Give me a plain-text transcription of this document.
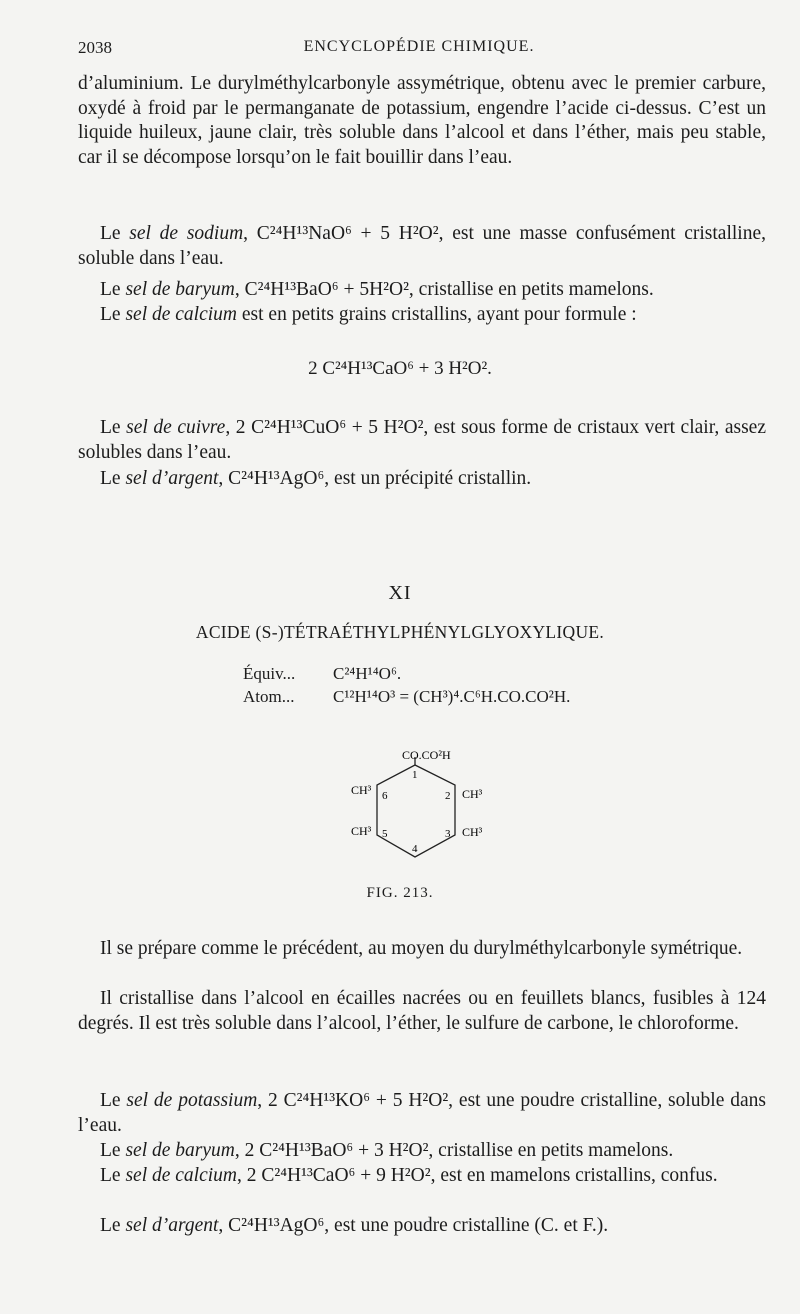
2038	ENCYCLOPÉDIE CHIMIQUE.
d’aluminium. Le durylméthylcarbonyle assymétrique, obtenu avec le premier carbure, oxydé à froid par le permanganate de potassium, engendre l’acide ci-dessus. C’est un liquide huileux, jaune clair, très soluble dans l’alcool et dans l’éther, mais peu stable, car il se décompose lorsqu’on le fait bouillir dans l’eau.
Le sel de sodium, C²⁴H¹³NaO⁶ + 5 H²O², est une masse confusément cristalline, soluble dans l’eau.
Le sel de baryum, C²⁴H¹³BaO⁶ + 5H²O², cristallise en petits mamelons.
Le sel de calcium est en petits grains cristallins, ayant pour formule :
2 C²⁴H¹³CaO⁶ + 3 H²O².
Le sel de cuivre, 2 C²⁴H¹³CuO⁶ + 5 H²O², est sous forme de cristaux vert clair, assez solubles dans l’eau.
Le sel d’argent, C²⁴H¹³AgO⁶, est un précipité cristallin.
XI
ACIDE (S-)TÉTRAÉTHYLPHÉNYLGLYOXYLIQUE.
Équiv... C²⁴H¹⁴O⁶.
Atom... C¹²H¹⁴O³ = (CH³)⁴.C⁶H.CO.CO²H.
CO.CO²H
CH³	CH³
CH³	CH³
1
2
3
4
5
6
FIG. 213.
Il se prépare comme le précédent, au moyen du durylméthylcarbonyle symétrique.
Il cristallise dans l’alcool en écailles nacrées ou en feuillets blancs, fusibles à 124 degrés. Il est très soluble dans l’alcool, l’éther, le sulfure de carbone, le chloroforme.
Le sel de potassium, 2 C²⁴H¹³KO⁶ + 5 H²O², est une poudre cristalline, soluble dans l’eau.
Le sel de baryum, 2 C²⁴H¹³BaO⁶ + 3 H²O², cristallise en petits mamelons.
Le sel de calcium, 2 C²⁴H¹³CaO⁶ + 9 H²O², est en mamelons cristallins, confus.
Le sel d’argent, C²⁴H¹³AgO⁶, est une poudre cristalline (C. et F.).
